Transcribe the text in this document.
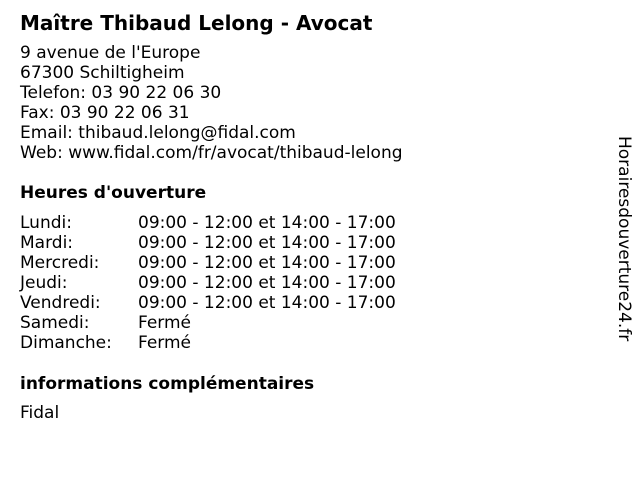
Maître Thibaud Lelong - Avocat
9 avenue de l'Europe
67300 Schiltigheim
Telefon: 03 90 22 06 30
Fax: 03 90 22 06 31
Email: thibaud.lelong@fidal.com
Web: www.fidal.com/fr/avocat/thibaud-lelong
Heures d'ouverture
Lundi:	09:00 - 12:00 et 14:00 - 17:00
Mardi:	09:00 - 12:00 et 14:00 - 17:00
Mercredi: 09:00 - 12:00 et 14:00 - 17:00
Jeudi:	09:00 - 12:00 et 14:00 - 17:00
Vendredi: 09:00 - 12:00 et 14:00 - 17:00
Samedi:	Fermé
Dimanche: Fermé
informations complémentaires
Fidal
Horairesdouverture24.fr
